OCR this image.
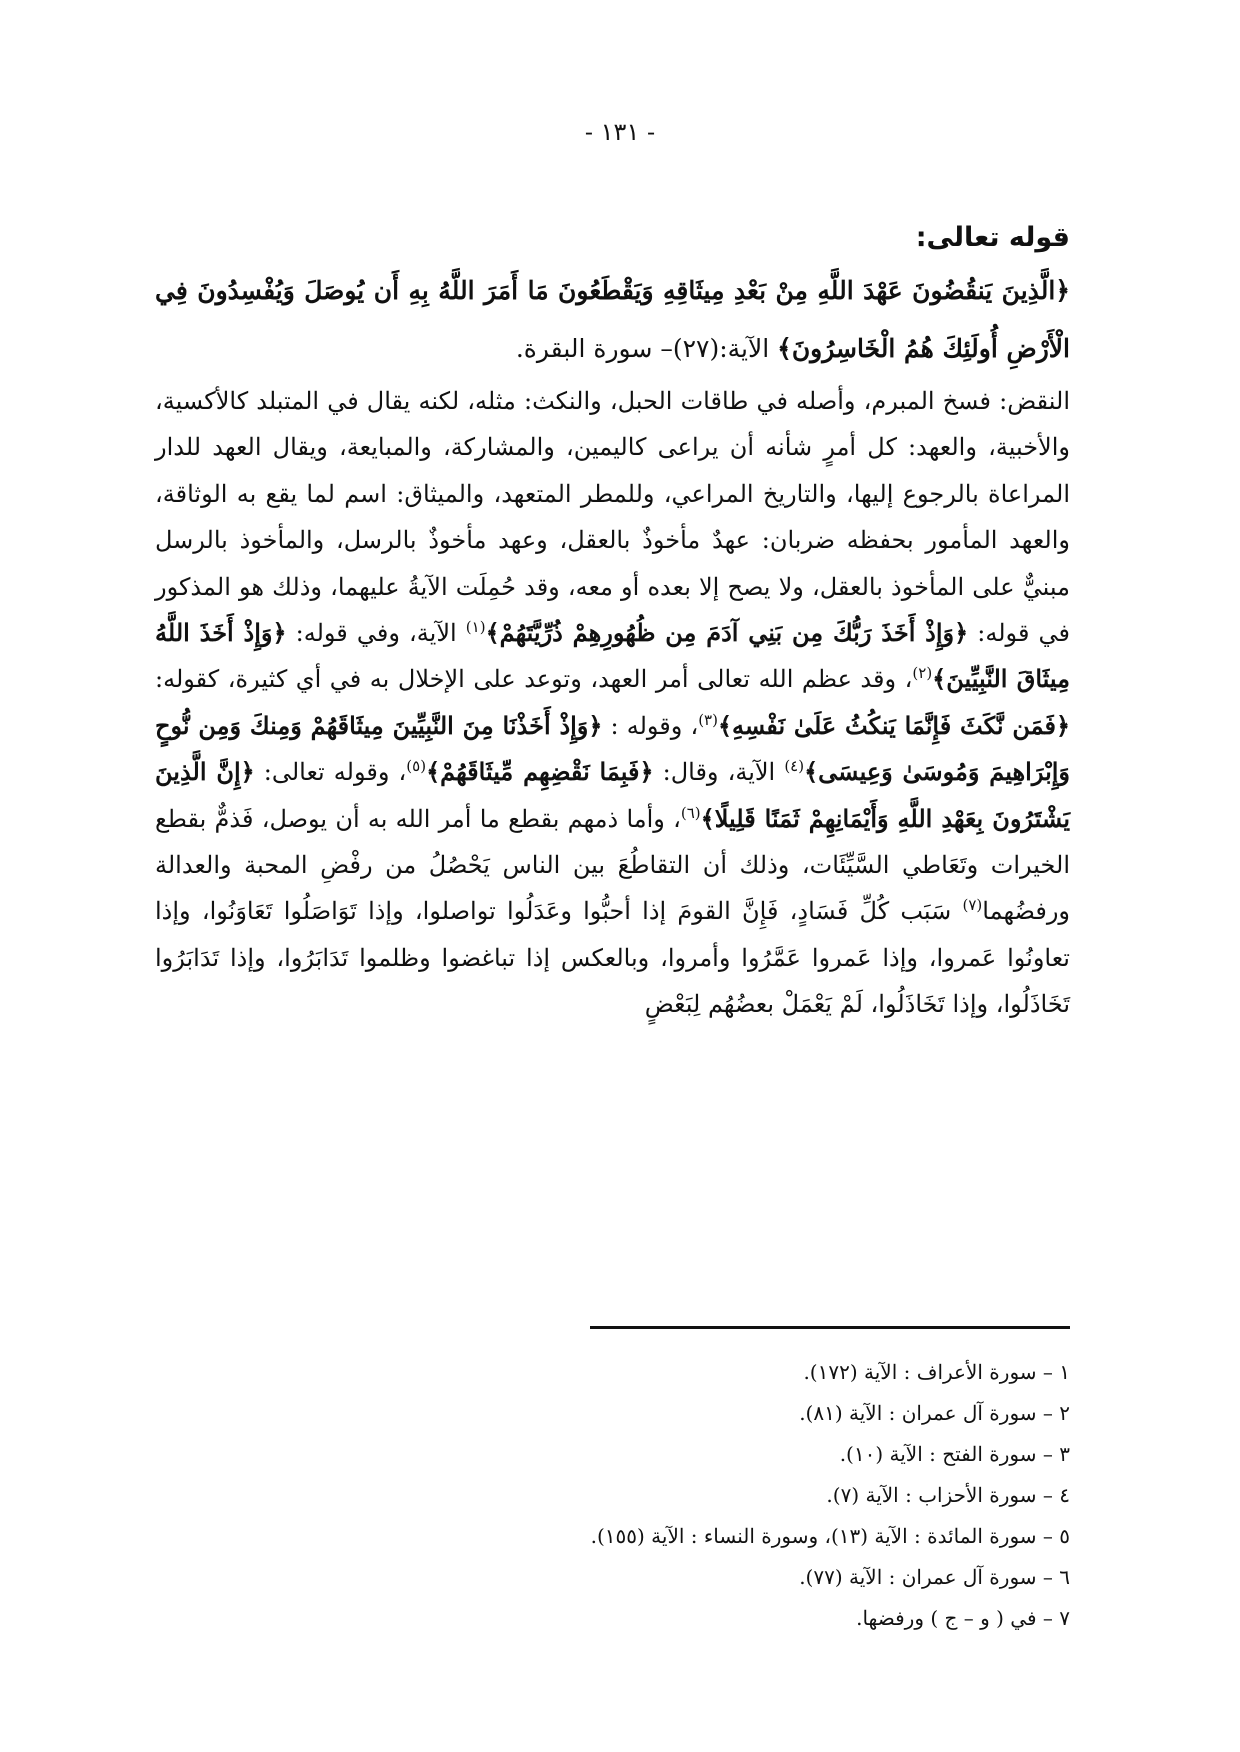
- ١٣١ -
قوله تعالى:
﴿الَّذِينَ يَنقُضُونَ عَهْدَ اللَّهِ مِنْ بَعْدِ مِيثَاقِهِ وَيَقْطَعُونَ مَا أَمَرَ اللَّهُ بِهِ أَن يُوصَلَ وَيُفْسِدُونَ فِي الْأَرْضِ أُولَئِكَ هُمُ الْخَاسِرُونَ﴾ الآية:(٢٧)– سورة البقرة.
النقض: فسخ المبرم، وأصله في طاقات الحبل، والنكث: مثله، لكنه يقال في المتبلد كالأكسية، والأخبية، والعهد: كل أمرٍ شأنه أن يراعى كاليمين، والمشاركة، والمبايعة، ويقال العهد للدار المراعاة بالرجوع إليها، والتاريخ المراعي، وللمطر المتعهد، والميثاق: اسم لما يقع به الوثاقة، والعهد المأمور بحفظه ضربان: عهدٌ مأخوذٌ بالعقل، وعهد مأخوذٌ بالرسل، والمأخوذ بالرسل مبنيٌّ على المأخوذ بالعقل، ولا يصح إلا بعده أو معه، وقد حُمِلَت الآيةُ عليهما، وذلك هو المذكور في قوله: ﴿وَإِذْ أَخَذَ رَبُّكَ مِن بَنِي آدَمَ مِن ظُهُورِهِمْ ذُرِّيَّتَهُمْ﴾$^{(١)}$ الآية، وفي قوله: ﴿وَإِذْ أَخَذَ اللَّهُ مِيثَاقَ النَّبِيِّينَ﴾$^{(٢)}$، وقد عظم الله تعالى أمر العهد، وتوعد على الإخلال به في أي كثيرة، كقوله: ﴿فَمَن نَّكَثَ فَإِنَّمَا يَنكُثُ عَلَىٰ نَفْسِهِ﴾$^{(٣)}$، وقوله : ﴿وَإِذْ أَخَذْنَا مِنَ النَّبِيِّينَ مِيثَاقَهُمْ وَمِنكَ وَمِن نُّوحٍ وَإِبْرَاهِيمَ وَمُوسَىٰ وَعِيسَى﴾$^{(٤)}$ الآية، وقال: ﴿فَبِمَا نَقْضِهِم مِّيثَاقَهُمْ﴾$^{(٥)}$، وقوله تعالى: ﴿إِنَّ الَّذِينَ يَشْتَرُونَ بِعَهْدِ اللَّهِ وَأَيْمَانِهِمْ ثَمَنًا قَلِيلًا﴾$^{(٦)}$، وأما ذمهم بقطع ما أمر الله به أن يوصل، فَذمٌّ بقطع الخيرات وتَعَاطي السَّيِّئَات، وذلك أن التقاطُعَ بين الناس يَحْصُلُ من رفْضِ المحبة والعدالة ورفضُهما$^{(٧)}$ سَبَب كُلِّ فَسَادٍ، فَإِنَّ القومَ إذا أحبُّوا وعَدَلُوا تواصلوا، وإذا تَوَاصَلُوا تَعَاوَنُوا، وإذا تعاونُوا عَمروا، وإذا عَمروا عَمَّرُوا وأمروا، وبالعكس إذا تباغضوا وظلموا تَدَابَرُوا، وإذا تَدَابَرُوا تَخَاذَلُوا، وإذا تَخَاذَلُوا، لَمْ يَعْمَلْ بعضُهُم لِبَعْضٍ
١ – سورة الأعراف : الآية (١٧٢).
٢ – سورة آل عمران : الآية (٨١).
٣ – سورة الفتح : الآية (١٠).
٤ – سورة الأحزاب : الآية (٧).
٥ – سورة المائدة : الآية (١٣)، وسورة النساء : الآية (١٥٥).
٦ – سورة آل عمران : الآية (٧٧).
٧ – في ( و – ج ) ورفضها.
